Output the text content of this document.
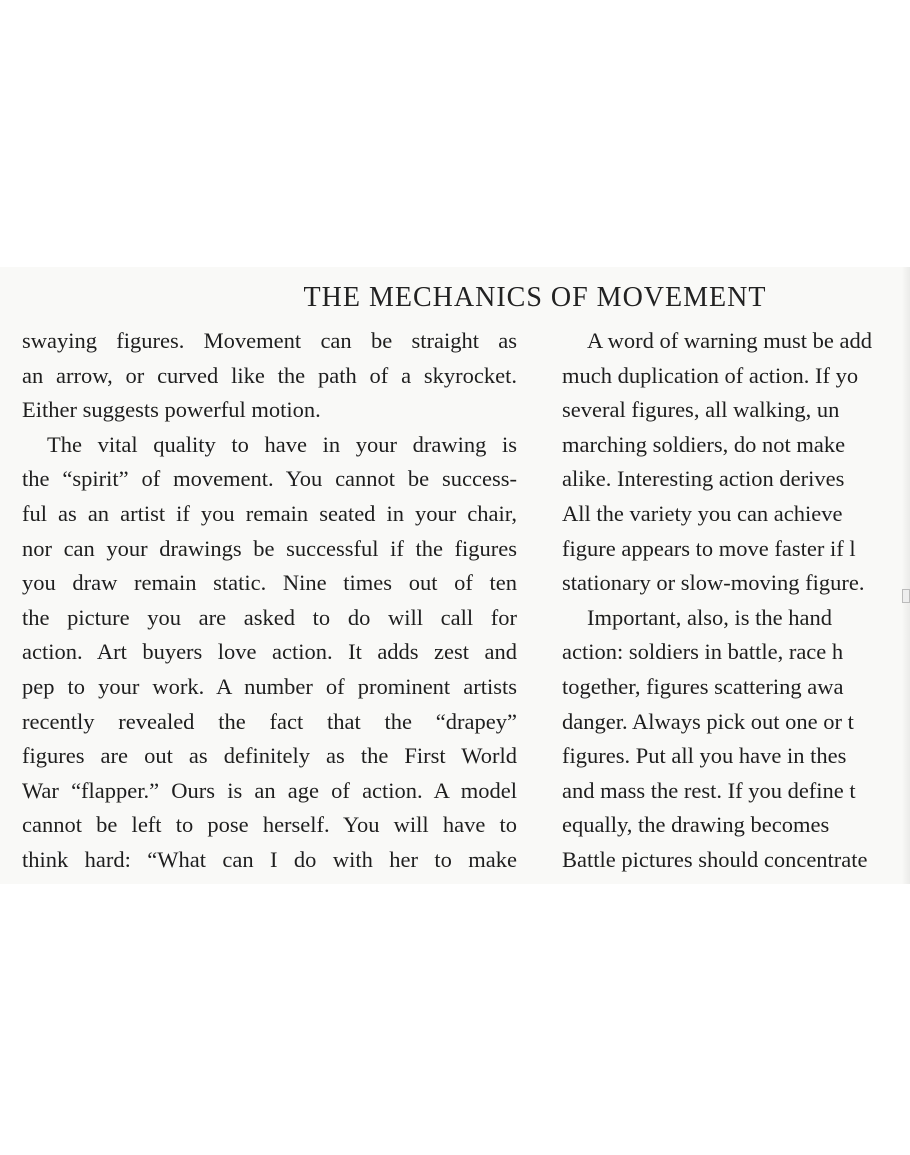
THE MECHANICS OF MOVEMENT
swaying figures. Movement can be straight as
an arrow, or curved like the path of a skyrocket.
Either suggests powerful motion.
The vital quality to have in your drawing is
the “spirit” of movement. You cannot be success-
ful as an artist if you remain seated in your chair,
nor can your drawings be successful if the figures
you draw remain static. Nine times out of ten
the picture you are asked to do will call for
action. Art buyers love action. It adds zest and
pep to your work. A number of prominent artists
recently revealed the fact that the “drapey”
figures are out as definitely as the First World
War “flapper.” Ours is an age of action. A model
cannot be left to pose herself. You will have to
think hard: “What can I do with her to make
A word of warning must be add
much duplication of action. If yo
several figures, all walking, un
marching soldiers, do not make
alike. Interesting action derives
All the variety you can achieve
figure appears to move faster if l
stationary or slow-moving figure.
Important, also, is the hand
action: soldiers in battle, race h
together, figures scattering awa
danger. Always pick out one or t
figures. Put all you have in thes
and mass the rest. If you define t
equally, the drawing becomes
Battle pictures should concentrate
